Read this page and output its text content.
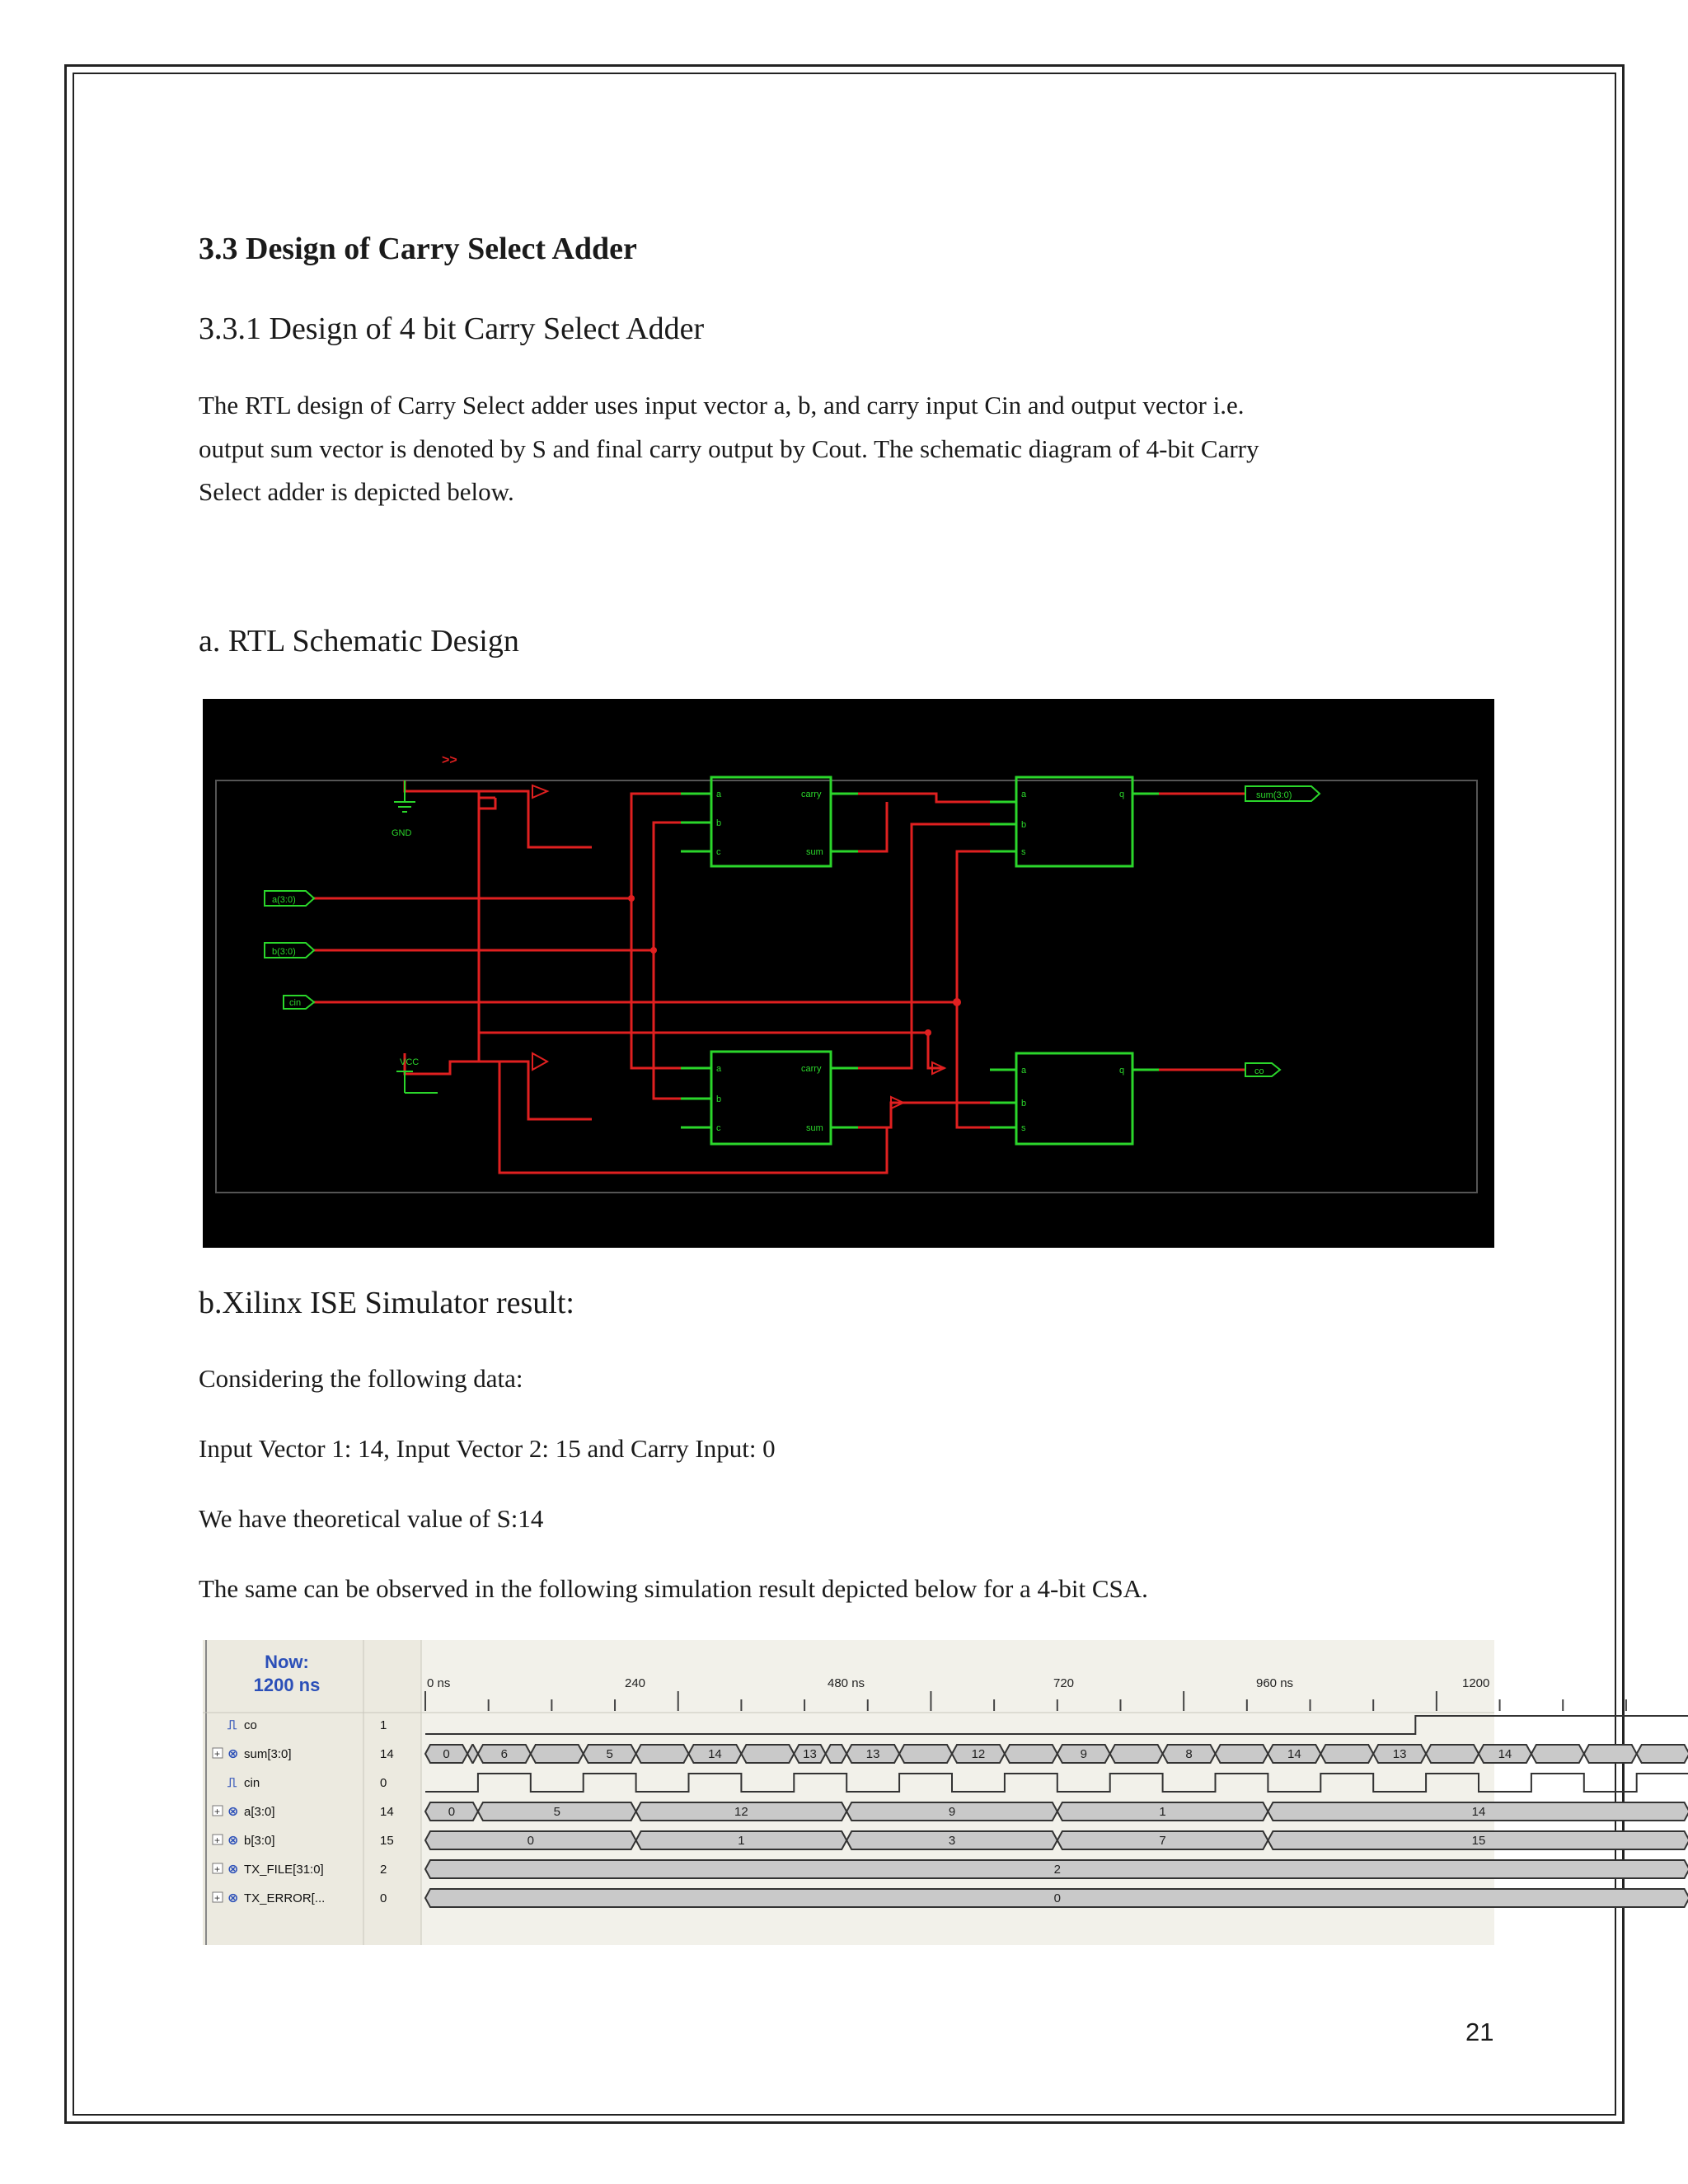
3.3 Design of Carry Select Adder
3.3.1 Design of 4 bit Carry Select Adder
The RTL design of Carry Select adder uses input vector a, b, and carry input Cin and output vector i.e.
output sum vector is denoted by S and final carry output by Cout. The schematic diagram of 4-bit Carry
Select adder is depicted below.
a. RTL Schematic Design
>>
GND
VCC
a(3:0)
b(3:0)
cin
sum(3:0)
co
a
b
c
carry
sum
a
b
c
carry
sum
a
b
s
q
a
b
s
q
b.Xilinx ISE Simulator result:
Considering the following data:
Input Vector 1: 14, Input Vector 2: 15 and Carry Input: 0
We have theoretical value of S:14
The same can be observed in the following simulation result depicted below for a 4-bit CSA.
Now:
1200 ns	0 ns	240	480 ns	720	960 ns	1200
⎍ co	1
+ ⊗ sum[3:0]	14
⎍ cin	0
+ ⊗ a[3:0]	14
+ ⊗ b[3:0]	15
+ ⊗ TX_FILE[31:0]	2
+ ⊗ TX_ERROR[...	0
0	6	5	14	13	13	12	9	8	14	13	14
0	5	12	9	1	14
0	1	3	7	15
2
0
21
